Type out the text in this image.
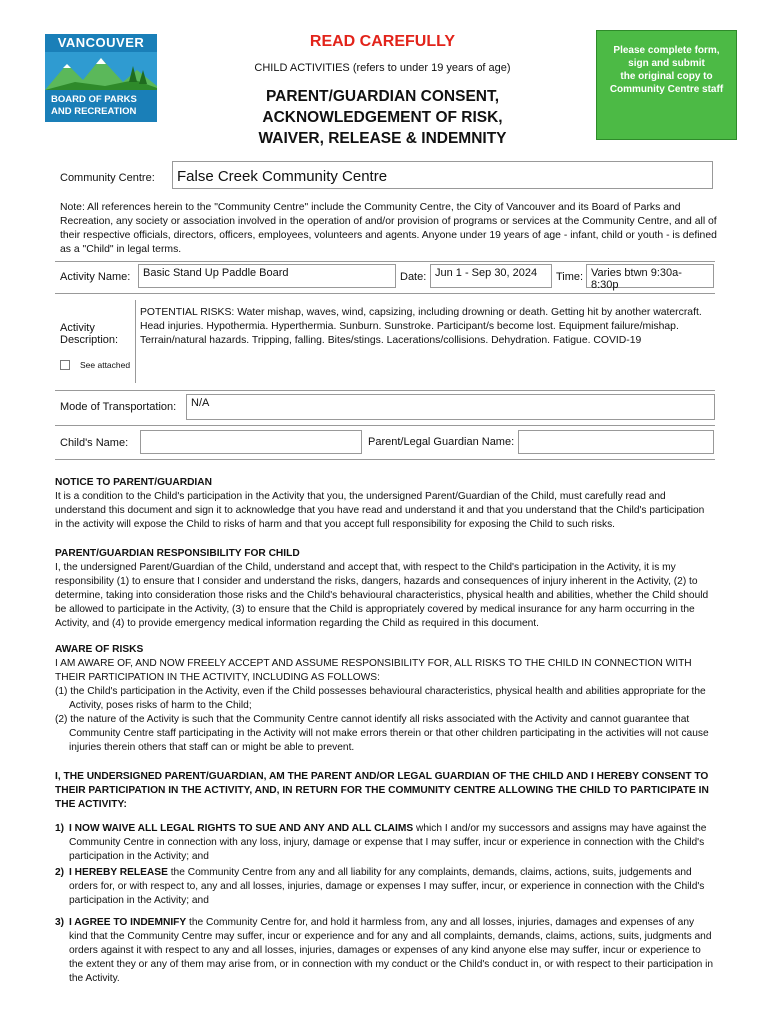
VANCOUVER
BOARD OF PARKS
AND RECREATION
READ CAREFULLY
CHILD ACTIVITIES (refers to under 19 years of age)
PARENT/GUARDIAN CONSENT,
ACKNOWLEDGEMENT OF RISK,
WAIVER, RELEASE & INDEMNITY
Please complete form,
sign and submit
the original copy to
Community Centre staff
Community Centre:	False Creek Community Centre
Note: All references herein to the "Community Centre" include the Community Centre, the City of Vancouver and its Board of Parks and Recreation, any society or association involved in the operation of and/or provision of programs or services at the Community Centre, and all of their respective officials, directors, officers, employees, volunteers and agents. Anyone under 19 years of age - infant, child or youth - is defined as a "Child" in legal terms.
Activity Name:	Basic Stand Up Paddle Board	Date: Jun 1 - Sep 30, 2024	Time: Varies btwn 9:30a-8:30p
Activity
Description:
POTENTIAL RISKS: Water mishap, waves, wind, capsizing, including drowning or death. Getting hit by another watercraft. Head injuries. Hypothermia. Hyperthermia. Sunburn. Sunstroke. Participant/s become lost. Equipment failure/mishap. Terrain/natural hazards. Tripping, falling. Bites/stings. Lacerations/collisions. Dehydration. Fatigue. COVID-19
See attached
Mode of Transportation:	N/A
Child's Name:	Parent/Legal Guardian Name:
NOTICE TO PARENT/GUARDIAN
It is a condition to the Child's participation in the Activity that you, the undersigned Parent/Guardian of the Child, must carefully read and understand this document and sign it to acknowledge that you have read and understand it and that you understand that the Child's participation in the activity will expose the Child to risks of harm and that you accept full responsibility for exposing the Child to such risks.
PARENT/GUARDIAN RESPONSIBILITY FOR CHILD
I, the undersigned Parent/Guardian of the Child, understand and accept that, with respect to the Child's participation in the Activity, it is my responsibility (1) to ensure that I consider and understand the risks, dangers, hazards and consequences of injury inherent in the Activity, (2) to determine, taking into consideration those risks and the Child's behavioural characteristics, physical health and abilities, whether the Child should be allowed to participate in the Activity, (3) to ensure that the Child is appropriately covered by medical insurance for any harm occurring in the Activity, and (4) to provide emergency medical information regarding the Child as required in this document.
AWARE OF RISKS
I AM AWARE OF, AND NOW FREELY ACCEPT AND ASSUME RESPONSIBILITY FOR, ALL RISKS TO THE CHILD IN CONNECTION WITH THEIR PARTICIPATION IN THE ACTIVITY, INCLUDING AS FOLLOWS:
(1) the Child's participation in the Activity, even if the Child possesses behavioural characteristics, physical health and abilities appropriate for the Activity, poses risks of harm to the Child;
(2) the nature of the Activity is such that the Community Centre cannot identify all risks associated with the Activity and cannot guarantee that Community Centre staff participating in the Activity will not make errors therein or that other children participating in the activities will not cause injuries therein others that staff can or might be able to prevent.
I, THE UNDERSIGNED PARENT/GUARDIAN, AM THE PARENT AND/OR LEGAL GUARDIAN OF THE CHILD AND I HEREBY CONSENT TO THEIR PARTICIPATION IN THE ACTIVITY, AND, IN RETURN FOR THE COMMUNITY CENTRE ALLOWING THE CHILD TO PARTICIPATE IN THE ACTIVITY:
1) I NOW WAIVE ALL LEGAL RIGHTS TO SUE AND ANY AND ALL CLAIMS which I and/or my successors and assigns may have against the Community Centre in connection with any loss, injury, damage or expense that I may suffer, incur or experience in connection with the Child's participation in the Activity; and
2) I HEREBY RELEASE the Community Centre from any and all liability for any complaints, demands, claims, actions, suits, judgements and orders for, or with respect to, any and all losses, injuries, damage or expenses I may suffer, incur, or experience in connection with the Child's participation in the Activity; and
3) I AGREE TO INDEMNIFY the Community Centre for, and hold it harmless from, any and all losses, injuries, damages and expenses of any kind that the Community Centre may suffer, incur or experience and for any and all complaints, demands, claims, actions, suits, judgments and orders against it with respect to any and all losses, injuries, damages or expenses of any kind anyone else may suffer, incur or experience to the extent they or any of them may arise from, or in connection with my conduct or the Child's conduct in, or with respect to their participation in the Activity.
